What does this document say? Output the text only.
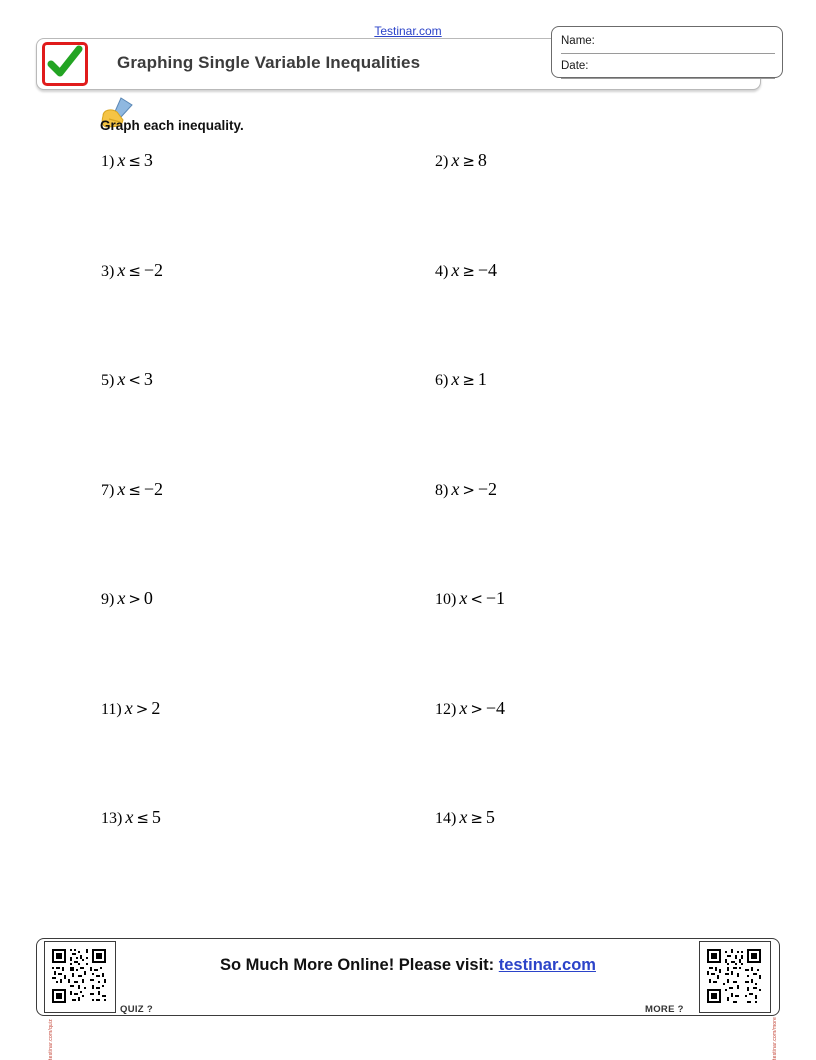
Testinar.com
Graphing Single Variable Inequalities
Name:
Date:
Graph each inequality.
1) x ≤ 3	2) x ≥ 8
3) x ≤ −2	4) x ≥ −4
5) x < 3	6) x ≥ 1
7) x ≤ −2	8) x > −2
9) x > 0	10) x < −1
11) x > 2	12) x > −4
13) x ≤ 5	14) x ≥ 5
So Much More Online! Please visit: testinar.com
testinar.com/quiz	testinar.com/more
QUIZ ?	MORE ?
